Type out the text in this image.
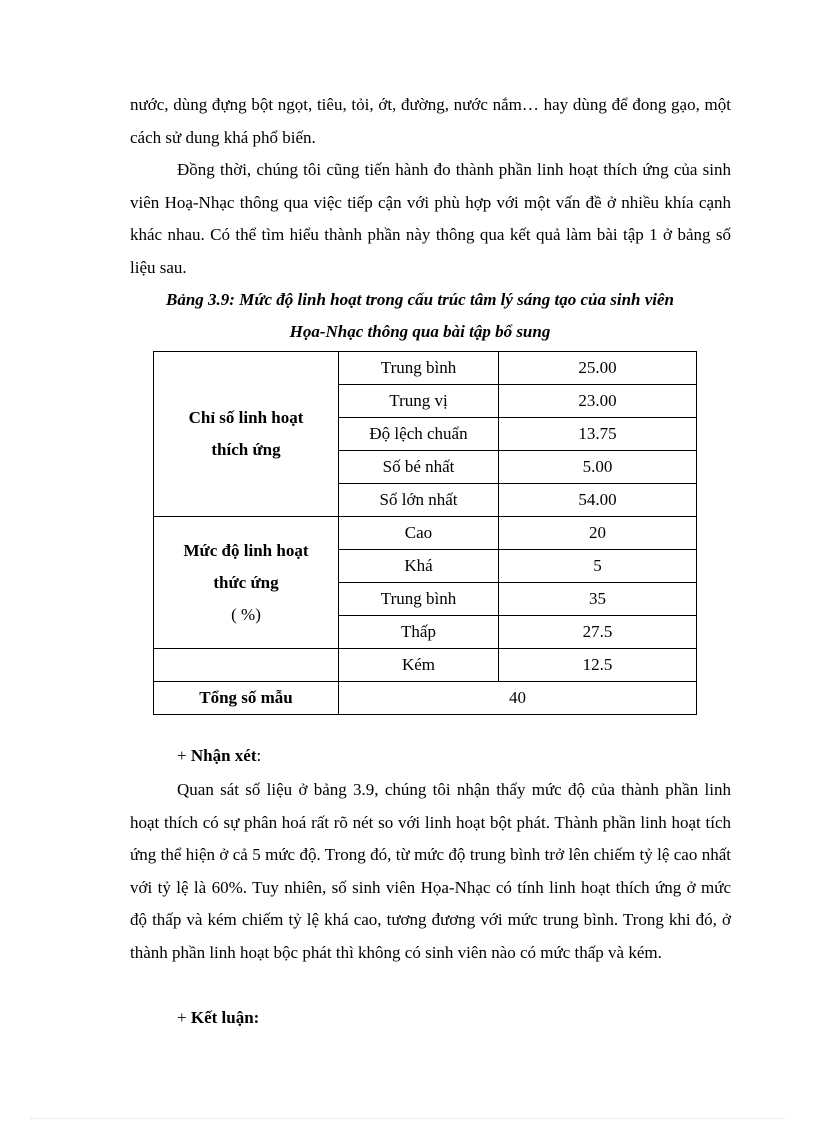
nước, dùng đựng bột ngọt, tiêu, tỏi, ớt, đường, nước nắm… hay dùng để đong gạo, một cách sử dung khá phổ biến.

Đồng thời, chúng tôi cũng tiến hành đo thành phần linh hoạt thích ứng của sinh viên Hoạ-Nhạc thông qua việc tiếp cận với phù hợp với một vấn đề ở nhiều khía cạnh khác nhau. Có thể tìm hiểu thành phần này thông qua kết quả làm bài tập 1 ở bảng số liệu sau.

Bảng 3.9: Mức độ linh hoạt trong cấu trúc tâm lý sáng tạo của sinh viên

Họa-Nhạc thông qua bài tập bổ sung

Chỉ số linh hoạt
thích ứng	Trung bình	25.00
	Trung vị	23.00
	Độ lệch chuẩn	13.75
	Số bé nhất	5.00
	Số lớn nhất	54.00

Mức độ linh hoạt
thức ứng
( %)	Cao	20
	Khá	5
	Trung bình	35
	Thấp	27.5
	Kém	12.5
Tổng số mẫu	40	

+ Nhận xét:

Quan sát số liệu ở bảng 3.9, chúng tôi nhận thấy mức độ của thành phần linh hoạt thích có sự phân hoá rất rõ nét so với linh hoạt bột phát. Thành phần linh hoạt tích ứng thể hiện ở cả 5 mức độ. Trong đó, từ mức độ trung bình trở lên chiếm tỷ lệ cao nhất với tỷ lệ là 60%. Tuy nhiên, số sinh viên Họa-Nhạc có tính linh hoạt thích ứng ở mức độ thấp và kém chiếm tỷ lệ khá cao, tương đương với mức trung bình. Trong khi đó, ở thành phần linh hoạt bộc phát thì không có sinh viên nào có mức thấp và kém.

+ Kết luận:
